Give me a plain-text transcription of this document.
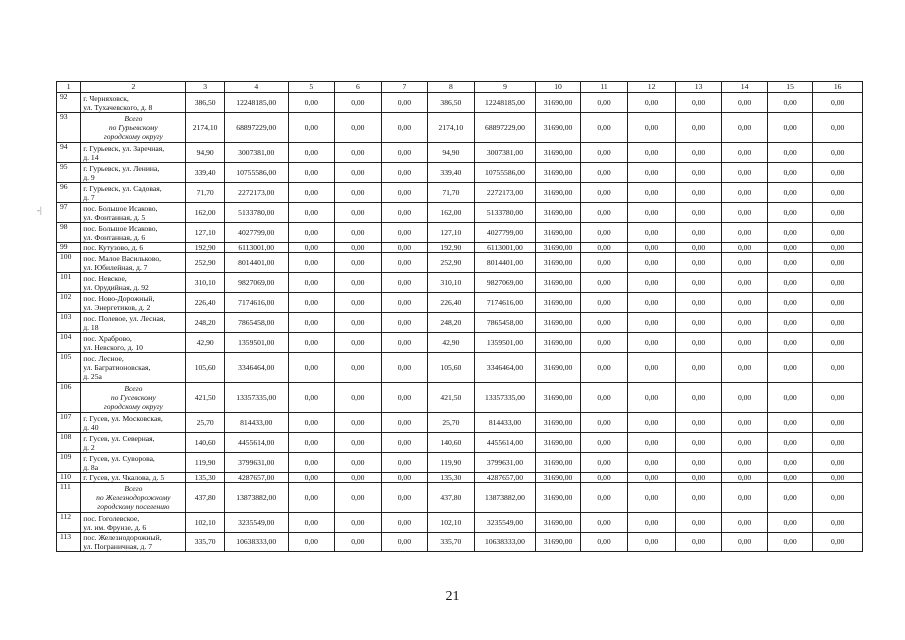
-|
1	2	3	4	5	6	7	8	9	10	11	12	13	14	15	16
92	г. Черняховск,
ул. Тухачевского, д. 8	386,50	12248185,00	0,00	0,00	0,00	386,50	12248185,00	31690,00	0,00	0,00	0,00	0,00	0,00	0,00
93	Всего
по Гурьевскому
городскому округу	2174,10	68897229,00	0,00	0,00	0,00	2174,10	68897229,00	31690,00	0,00	0,00	0,00	0,00	0,00	0,00
94	г. Гурьевск, ул. Заречная,
д. 14	94,90	3007381,00	0,00	0,00	0,00	94,90	3007381,00	31690,00	0,00	0,00	0,00	0,00	0,00	0,00
95	г. Гурьевск, ул. Ленина,
д. 9	339,40	10755586,00	0,00	0,00	0,00	339,40	10755586,00	31690,00	0,00	0,00	0,00	0,00	0,00	0,00
96	г. Гурьевск, ул. Садовая,
д. 7	71,70	2272173,00	0,00	0,00	0,00	71,70	2272173,00	31690,00	0,00	0,00	0,00	0,00	0,00	0,00
97	пос. Большое Исаково,
ул. Фонтанная, д. 5	162,00	5133780,00	0,00	0,00	0,00	162,00	5133780,00	31690,00	0,00	0,00	0,00	0,00	0,00	0,00
98	пос. Большое Исаково,
ул. Фонтанная, д. 6	127,10	4027799,00	0,00	0,00	0,00	127,10	4027799,00	31690,00	0,00	0,00	0,00	0,00	0,00	0,00
99	пос. Кутузово, д. 6	192,90	6113001,00	0,00	0,00	0,00	192,90	6113001,00	31690,00	0,00	0,00	0,00	0,00	0,00	0,00
100	пос. Малое Васильково,
ул. Юбилейная, д. 7	252,90	8014401,00	0,00	0,00	0,00	252,90	8014401,00	31690,00	0,00	0,00	0,00	0,00	0,00	0,00
101	пос. Невское,
ул. Орудийная, д. 92	310,10	9827069,00	0,00	0,00	0,00	310,10	9827069,00	31690,00	0,00	0,00	0,00	0,00	0,00	0,00
102	пос. Ново-Дорожный,
ул. Энергетиков, д. 2	226,40	7174616,00	0,00	0,00	0,00	226,40	7174616,00	31690,00	0,00	0,00	0,00	0,00	0,00	0,00
103	пос. Полевое, ул. Лесная,
д. 18	248,20	7865458,00	0,00	0,00	0,00	248,20	7865458,00	31690,00	0,00	0,00	0,00	0,00	0,00	0,00
104	пос. Храброво,
ул. Невского, д. 10	42,90	1359501,00	0,00	0,00	0,00	42,90	1359501,00	31690,00	0,00	0,00	0,00	0,00	0,00	0,00
105	пос. Лесное,
ул. Багратионовская,
д. 25а	105,60	3346464,00	0,00	0,00	0,00	105,60	3346464,00	31690,00	0,00	0,00	0,00	0,00	0,00	0,00
106	Всего
по Гусевскому
городскому округу	421,50	13357335,00	0,00	0,00	0,00	421,50	13357335,00	31690,00	0,00	0,00	0,00	0,00	0,00	0,00
107	г. Гусев, ул. Московская,
д. 40	25,70	814433,00	0,00	0,00	0,00	25,70	814433,00	31690,00	0,00	0,00	0,00	0,00	0,00	0,00
108	г. Гусев, ул. Северная,
д. 2	140,60	4455614,00	0,00	0,00	0,00	140,60	4455614,00	31690,00	0,00	0,00	0,00	0,00	0,00	0,00
109	г. Гусев, ул. Суворова,
д. 8а	119,90	3799631,00	0,00	0,00	0,00	119,90	3799631,00	31690,00	0,00	0,00	0,00	0,00	0,00	0,00
110	г. Гусев, ул. Чкалова, д. 5	135,30	4287657,00	0,00	0,00	0,00	135,30	4287657,00	31690,00	0,00	0,00	0,00	0,00	0,00	0,00
111	Всего
по Железнодорожному
городскому поселению	437,80	13873882,00	0,00	0,00	0,00	437,80	13873882,00	31690,00	0,00	0,00	0,00	0,00	0,00	0,00
112	пос. Гоголевское,
ул. им. Фрунзе, д. 6	102,10	3235549,00	0,00	0,00	0,00	102,10	3235549,00	31690,00	0,00	0,00	0,00	0,00	0,00	0,00
113	пос. Железнодорожный,
ул. Пограничная, д. 7	335,70	10638333,00	0,00	0,00	0,00	335,70	10638333,00	31690,00	0,00	0,00	0,00	0,00	0,00	0,00
21
